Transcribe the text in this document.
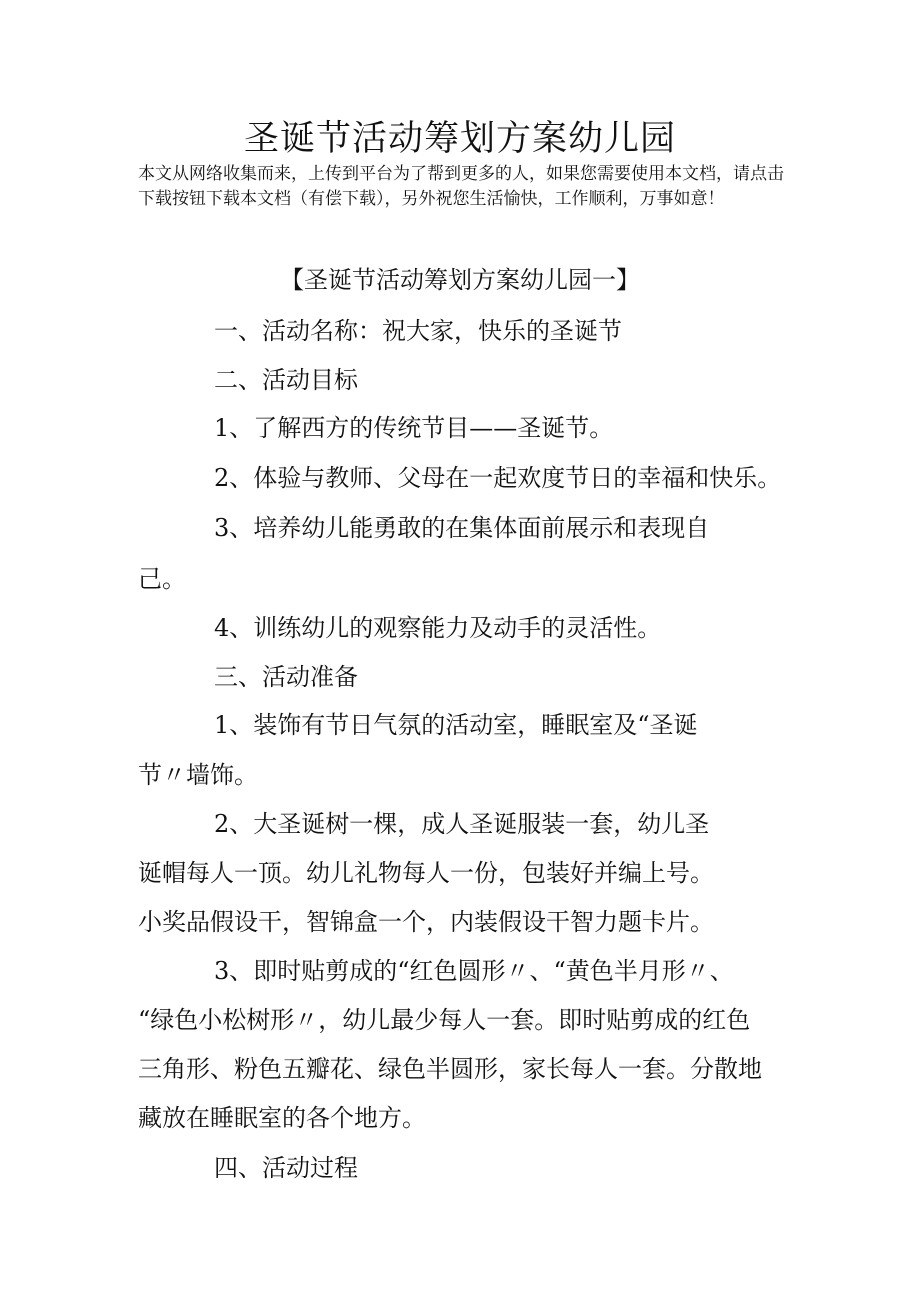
圣诞节活动筹划方案幼儿园
本文从网络收集而来，上传到平台为了帮到更多的人，如果您需要使用本文档，请点击
下载按钮下载本文档（有偿下载），另外祝您生活愉快，工作顺利，万事如意！
【圣诞节活动筹划方案幼儿园一】
一、活动名称：祝大家，快乐的圣诞节
二、活动目标
1、了解西方的传统节目——圣诞节。
2、体验与教师、父母在一起欢度节日的幸福和快乐。
3、培养幼儿能勇敢的在集体面前展示和表现自
己。
4、训练幼儿的观察能力及动手的灵活性。
三、活动准备
1、装饰有节日气氛的活动室，睡眠室及“圣诞
节〃墙饰。
2、大圣诞树一棵，成人圣诞服装一套，幼儿圣
诞帽每人一顶。幼儿礼物每人一份，包装好并编上号。
小奖品假设干，智锦盒一个，内装假设干智力题卡片。
3、即时贴剪成的“红色圆形〃、“黄色半月形〃、
“绿色小松树形〃，幼儿最少每人一套。即时贴剪成的红色
三角形、粉色五瓣花、绿色半圆形，家长每人一套。分散地
藏放在睡眠室的各个地方。
四、活动过程
